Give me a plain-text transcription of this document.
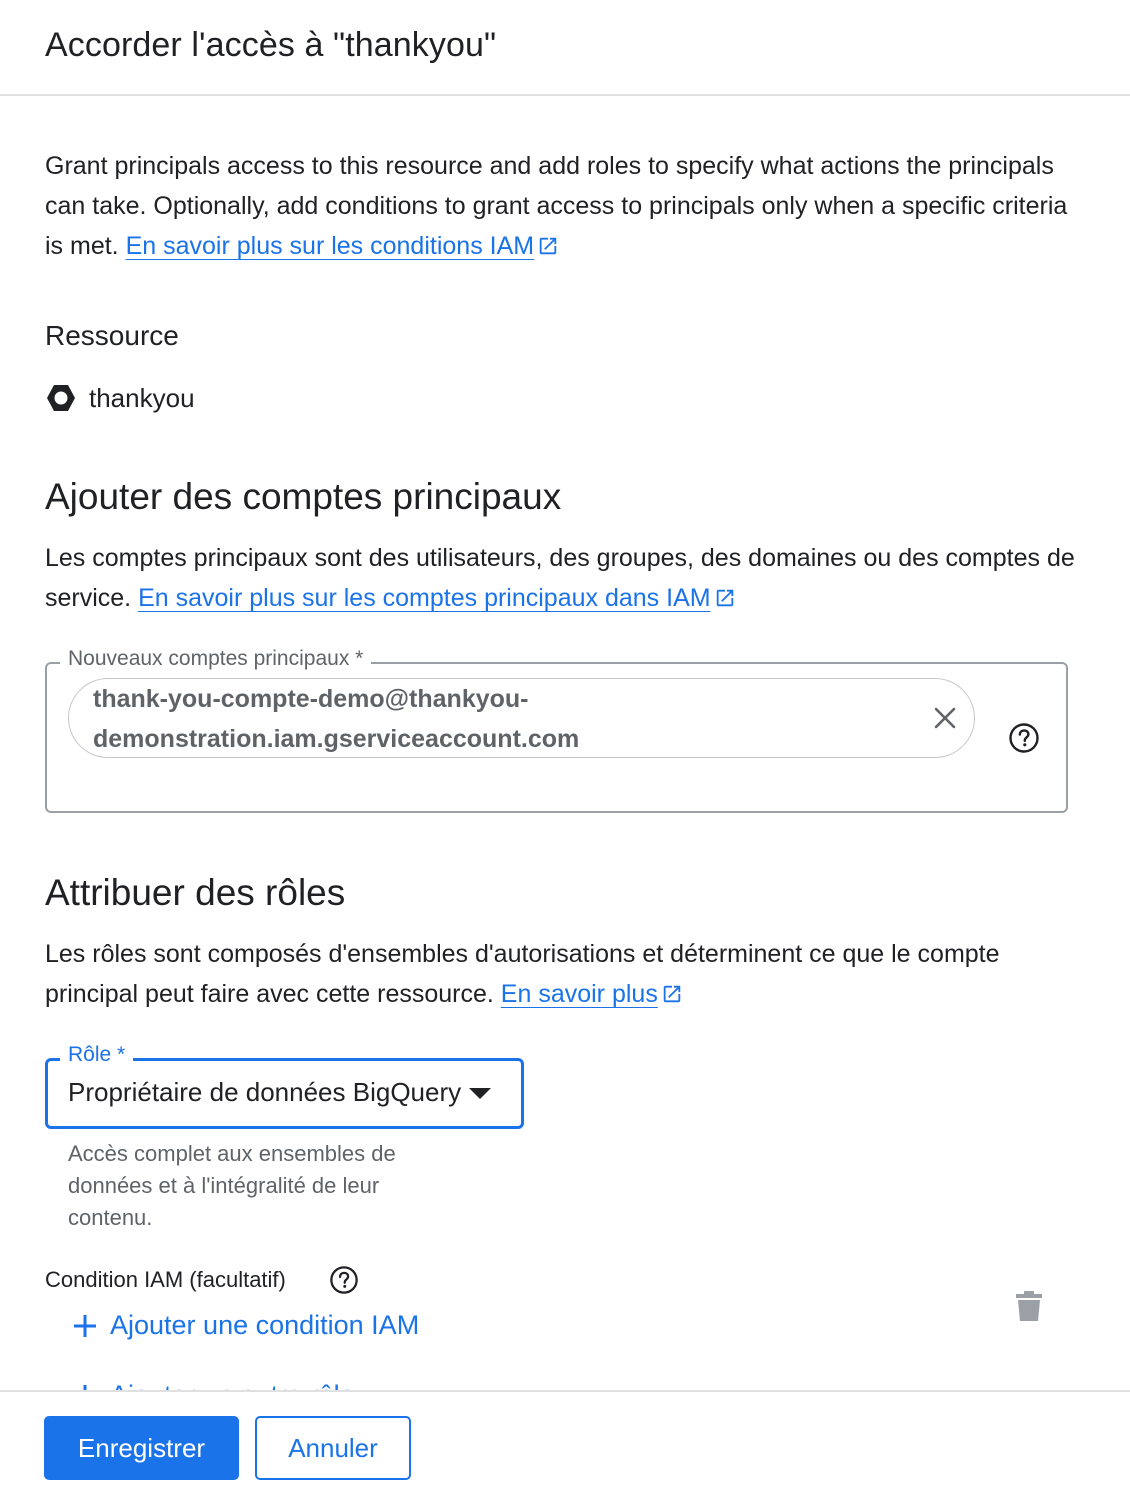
Accorder l'accès à "thankyou"

Grant principals access to this resource and add roles to specify what actions the principals can take. Optionally, add conditions to grant access to principals only when a specific criteria is met. En savoir plus sur les conditions IAM

Ressource
thankyou
Ajouter des comptes principaux

Les comptes principaux sont des utilisateurs, des groupes, des domaines ou des comptes de service. En savoir plus sur les comptes principaux dans IAM

Nouveaux comptes principaux *
thank-you-compte-demo@thankyou-
demonstration.iam.gserviceaccount.com
Attribuer des rôles

Les rôles sont composés d'ensembles d'autorisations et déterminent ce que le compte principal peut faire avec cette ressource. En savoir plus

Propriétaire de données BigQuery
Rôle *

Accès complet aux ensembles de données et à l'intégralité de leur contenu.

Condition IAM (facultatif)
Ajouter une condition IAM
Enregistrer	Annuler
